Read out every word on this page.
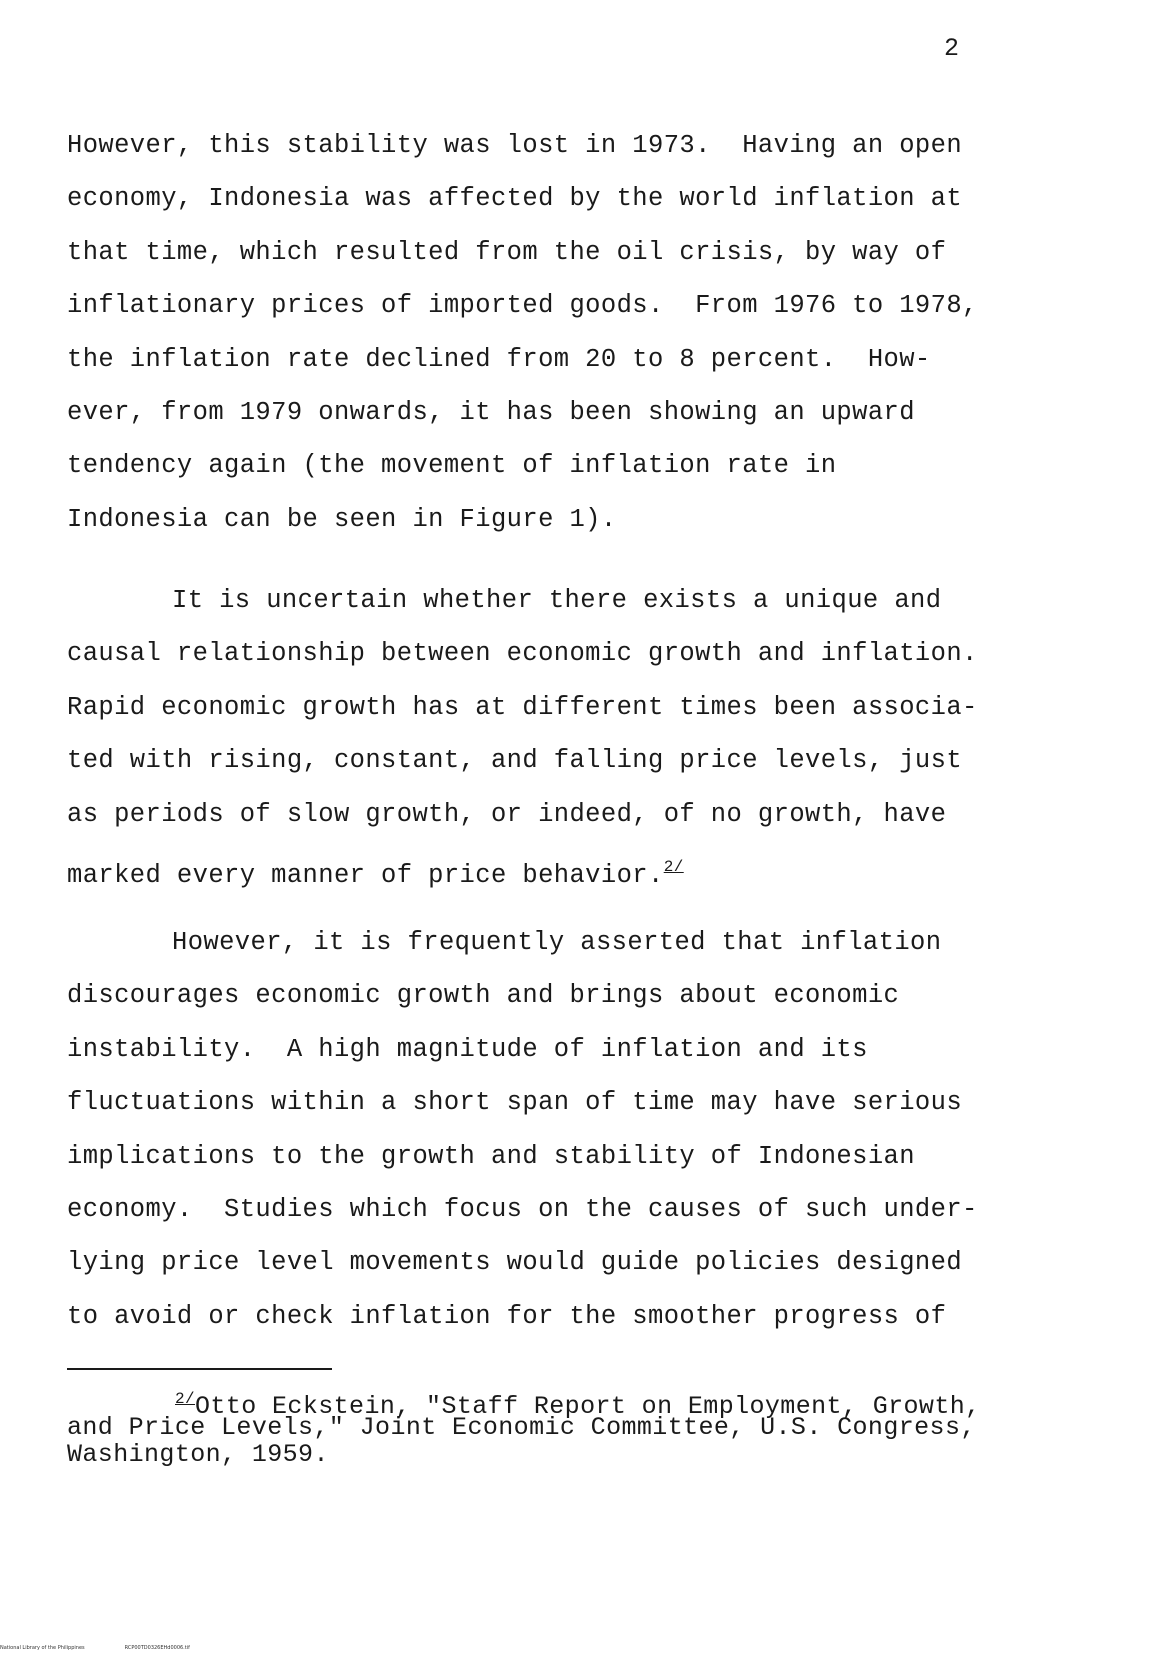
2
However, this stability was lost in 1973.  Having an open
economy, Indonesia was affected by the world inflation at
that time, which resulted from the oil crisis, by way of
inflationary prices of imported goods.  From 1976 to 1978,
the inflation rate declined from 20 to 8 percent.  How-
ever, from 1979 onwards, it has been showing an upward
tendency again (the movement of inflation rate in
Indonesia can be seen in Figure 1).
It is uncertain whether there exists a unique and
causal relationship between economic growth and inflation.
Rapid economic growth has at different times been associa-
ted with rising, constant, and falling price levels, just
as periods of slow growth, or indeed, of no growth, have
marked every manner of price behavior.$^{2/}$
However, it is frequently asserted that inflation
discourages economic growth and brings about economic
instability.  A high magnitude of inflation and its
fluctuations within a short span of time may have serious
implications to the growth and stability of Indonesian
economy.  Studies which focus on the causes of such under-
lying price level movements would guide policies designed
to avoid or check inflation for the smoother progress of
$^{2/}$Otto Eckstein, "Staff Report on Employment, Growth,
and Price Levels," Joint Economic Committee, U.S. Congress,
Washington, 1959.
National Library of the Philippines	RCP00TD0326EHd0006.tif
